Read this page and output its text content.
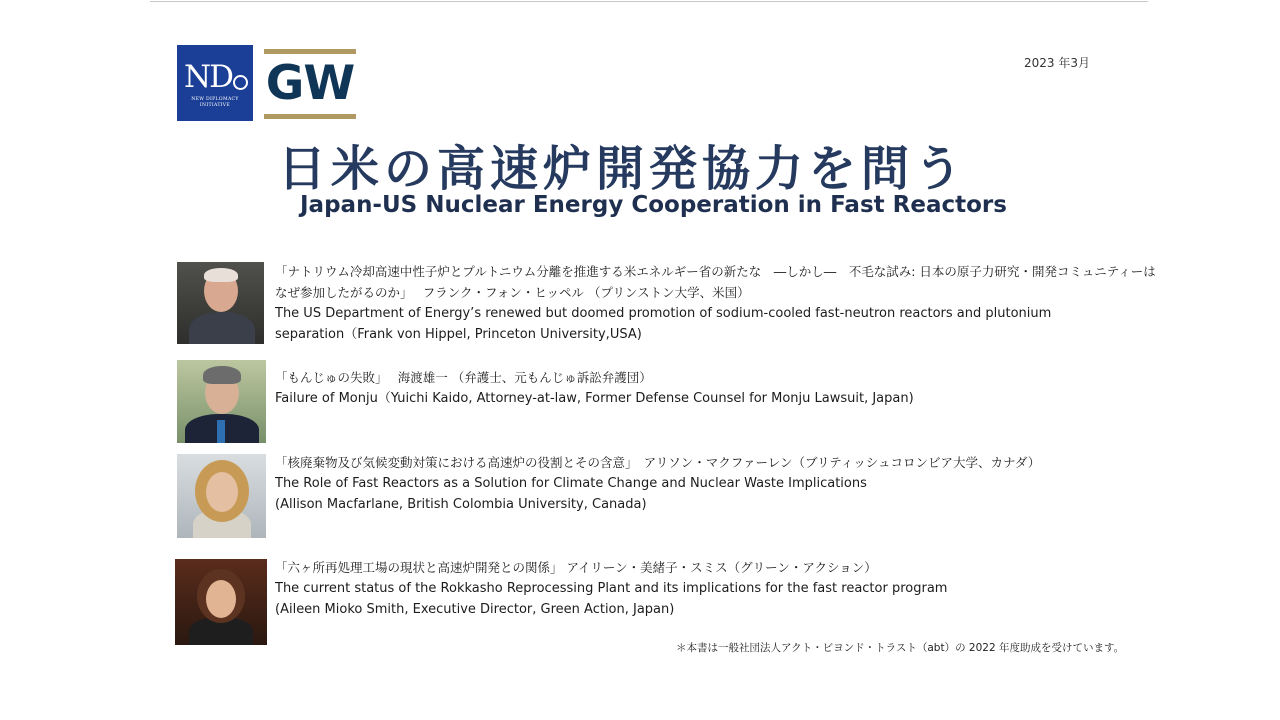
ND
NEW DIPLOMACY INITIATIVE GW	2023 年3月
日米の高速炉開発協力を問う
Japan-US Nuclear Energy Cooperation in Fast Reactors
「ナトリウム冷却高速中性子炉とプルトニウム分離を推進する米エネルギー省の新たな　―しかし―　不毛な試み: 日本の原子力研究・開発コミュニティーは
なぜ参加したがるのか」　 フランク・フォン・ヒッペル （プリンストン大学、米国）
The US Department of Energy’s renewed but doomed promotion of sodium-cooled fast-neutron reactors and plutonium
separation（Frank von Hippel, Princeton University,USA)
「もんじゅの失敗」　 海渡雄一 （弁護士、元もんじゅ訴訟弁護団）
Failure of Monju（Yuichi Kaido, Attorney-at-law, Former Defense Counsel for Monju Lawsuit, Japan)
「核廃棄物及び気候変動対策における高速炉の役割とその含意」　アリソン・マクファーレン（ブリティッシュコロンビア大学、カナダ）
The Role of Fast Reactors as a Solution for Climate Change and Nuclear Waste Implications
(Allison Macfarlane, British Colombia University, Canada)
「六ヶ所再処理工場の現状と高速炉開発との関係」 アイリーン・美緒子・スミス（グリーン・アクション）
The current status of the Rokkasho Reprocessing Plant and its implications for the fast reactor program
(Aileen Mioko Smith, Executive Director, Green Action, Japan)
＊本書は一般社団法人アクト・ビヨンド・トラスト（abt）の 2022 年度助成を受けています。
